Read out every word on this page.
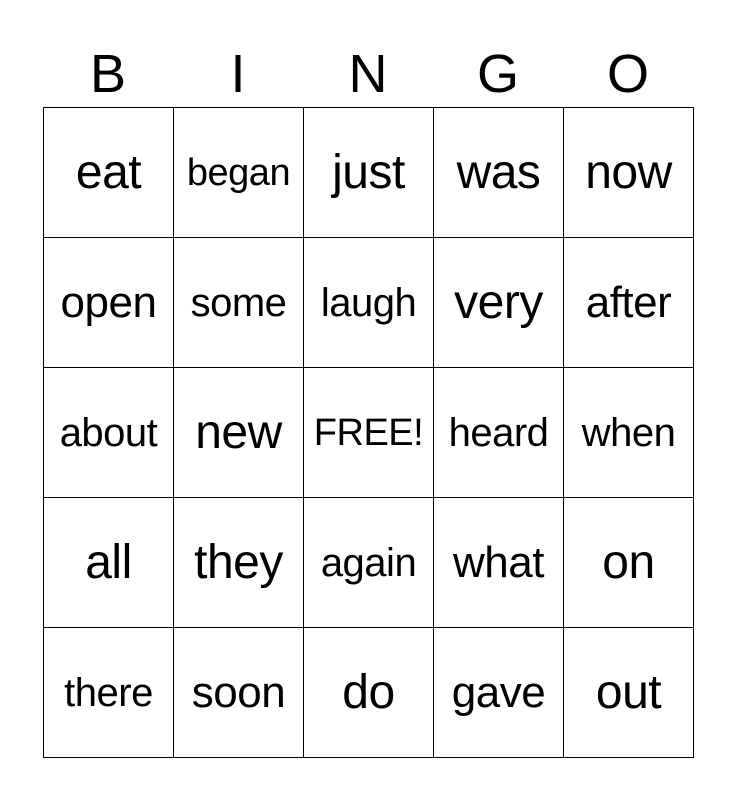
B	I	N	G	O
eat	began just	was now
open some laugh very after
about new FREE! heard when
all	they again what	on
there soon	do	gave	out
